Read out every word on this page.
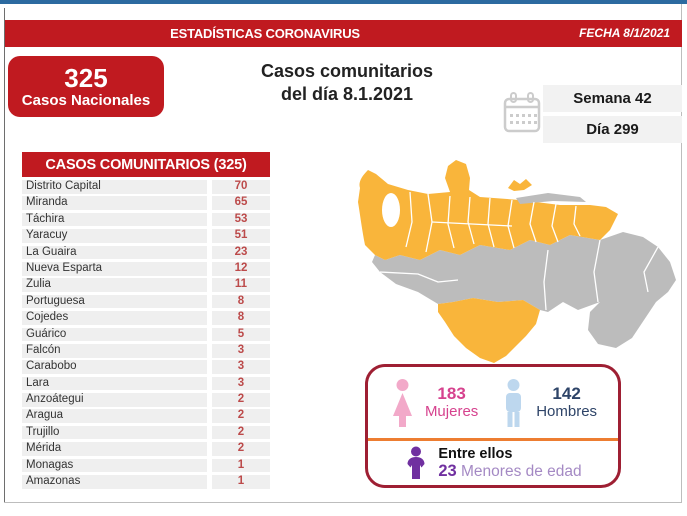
ESTADÍSTICAS CORONAVIRUS VENEZUELA
FECHA 8/1/2021
325
Casos Nacionales
Casos comunitarios
del día 8.1.2021	Semana 42
Día 299
CASOS COMUNITARIOS (325)
Distrito Capital	70
Miranda	65
Táchira	53
Yaracuy	51
La Guaira	23
Nueva Esparta	12
Zulia	11
Portuguesa	8
Cojedes	8
Guárico	5
Falcón	3
Carabobo	3
Lara	3
Anzoátegui	2
Aragua	2
Trujillo	2
Mérida	2
Monagas	1
Amazonas	1
183
Mujeres
142
Hombres
Entre ellos
23 Menores de edad
